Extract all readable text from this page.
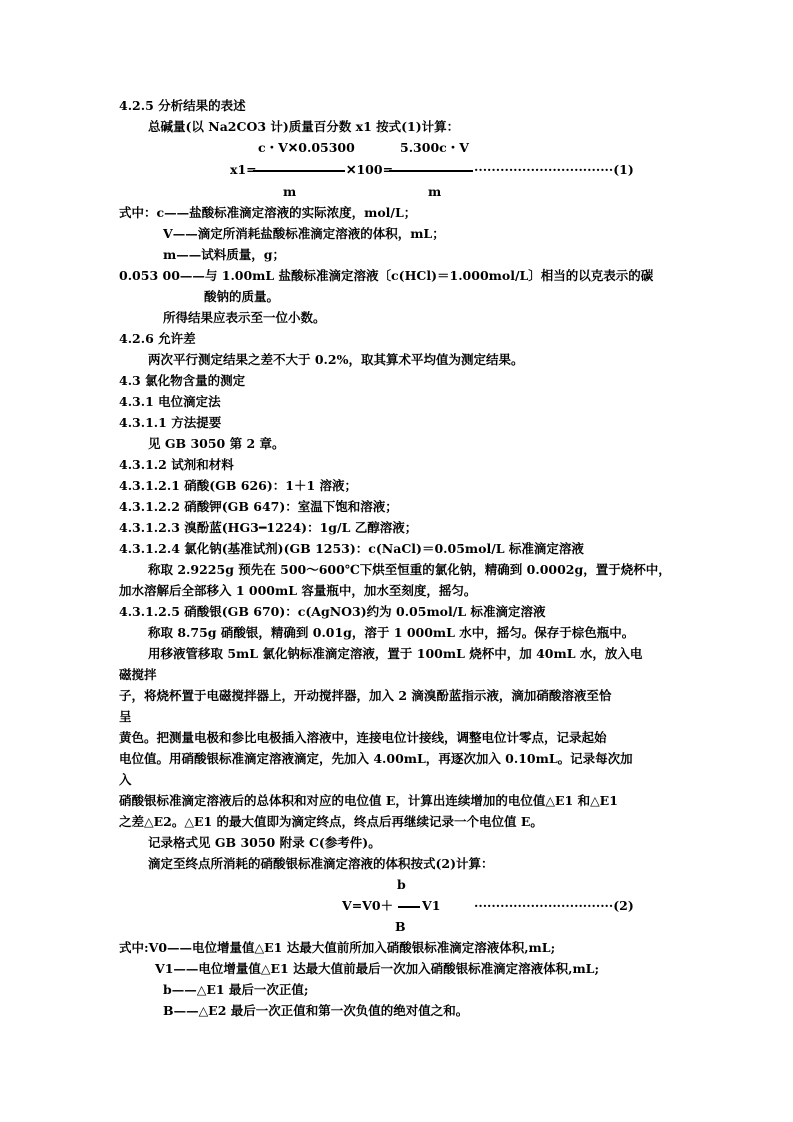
4.2.5 分析结果的表述
总碱量(以 Na2CO3 计)质量百分数 x1 按式(1)计算：
c・V✕0.05300	5.300c・V
x1=	✕100=	································(1)
m	m
式中：c——盐酸标准滴定溶液的实际浓度，mol/L；
V——滴定所消耗盐酸标准滴定溶液的体积，mL；
m——试料质量，g；
0.053 00——与 1.00mL 盐酸标准滴定溶液〔c(HCl)＝1.000mol/L〕相当的以克表示的碳
酸钠的质量。
所得结果应表示至一位小数。
4.2.6 允许差
两次平行测定结果之差不大于 0.2%，取其算术平均值为测定结果。
4.3 氯化物含量的测定
4.3.1 电位滴定法
4.3.1.1 方法提要
见 GB 3050 第 2 章。
4.3.1.2 试剂和材料
4.3.1.2.1 硝酸(GB 626)：1＋1 溶液；
4.3.1.2.2 硝酸钾(GB 647)：室温下饱和溶液；
4.3.1.2.3 溴酚蓝(HG3━1224)：1g/L 乙醇溶液；
4.3.1.2.4 氯化钠(基准试剂)(GB 1253)：c(NaCl)＝0.05mol/L 标准滴定溶液
称取 2.9225g 预先在 500～600℃下烘至恒重的氯化钠，精确到 0.0002g，置于烧杯中，
加水溶解后全部移入 1 000mL 容量瓶中，加水至刻度，摇匀。
4.3.1.2.5 硝酸银(GB 670)：c(AgNO3)约为 0.05mol/L 标准滴定溶液
称取 8.75g 硝酸银，精确到 0.01g，溶于 1 000mL 水中，摇匀。保存于棕色瓶中。
用移液管移取 5mL 氯化钠标准滴定溶液，置于 100mL 烧杯中，加 40mL 水，放入电
磁搅拌
子，将烧杯置于电磁搅拌器上，开动搅拌器，加入 2 滴溴酚蓝指示液，滴加硝酸溶液至恰
呈
黄色。把测量电极和参比电极插入溶液中，连接电位计接线，调整电位计零点，记录起始
电位值。用硝酸银标准滴定溶液滴定，先加入 4.00mL，再逐次加入 0.10mL。记录每次加
入
硝酸银标准滴定溶液后的总体积和对应的电位值 E，计算出连续增加的电位值△E1 和△E1
之差△E2。△E1 的最大值即为滴定终点，终点后再继续记录一个电位值 E。
记录格式见 GB 3050 附录 C(参考件)。
滴定至终点所消耗的硝酸银标准滴定溶液的体积按式(2)计算：
b
V=V0＋ V1	································(2)
B
式中:V0——电位增量值△E1 达最大值前所加入硝酸银标准滴定溶液体积,mL;
V1——电位增量值△E1 达最大值前最后一次加入硝酸银标准滴定溶液体积,mL;
b——△E1 最后一次正值;
B——△E2 最后一次正值和第一次负值的绝对值之和。
